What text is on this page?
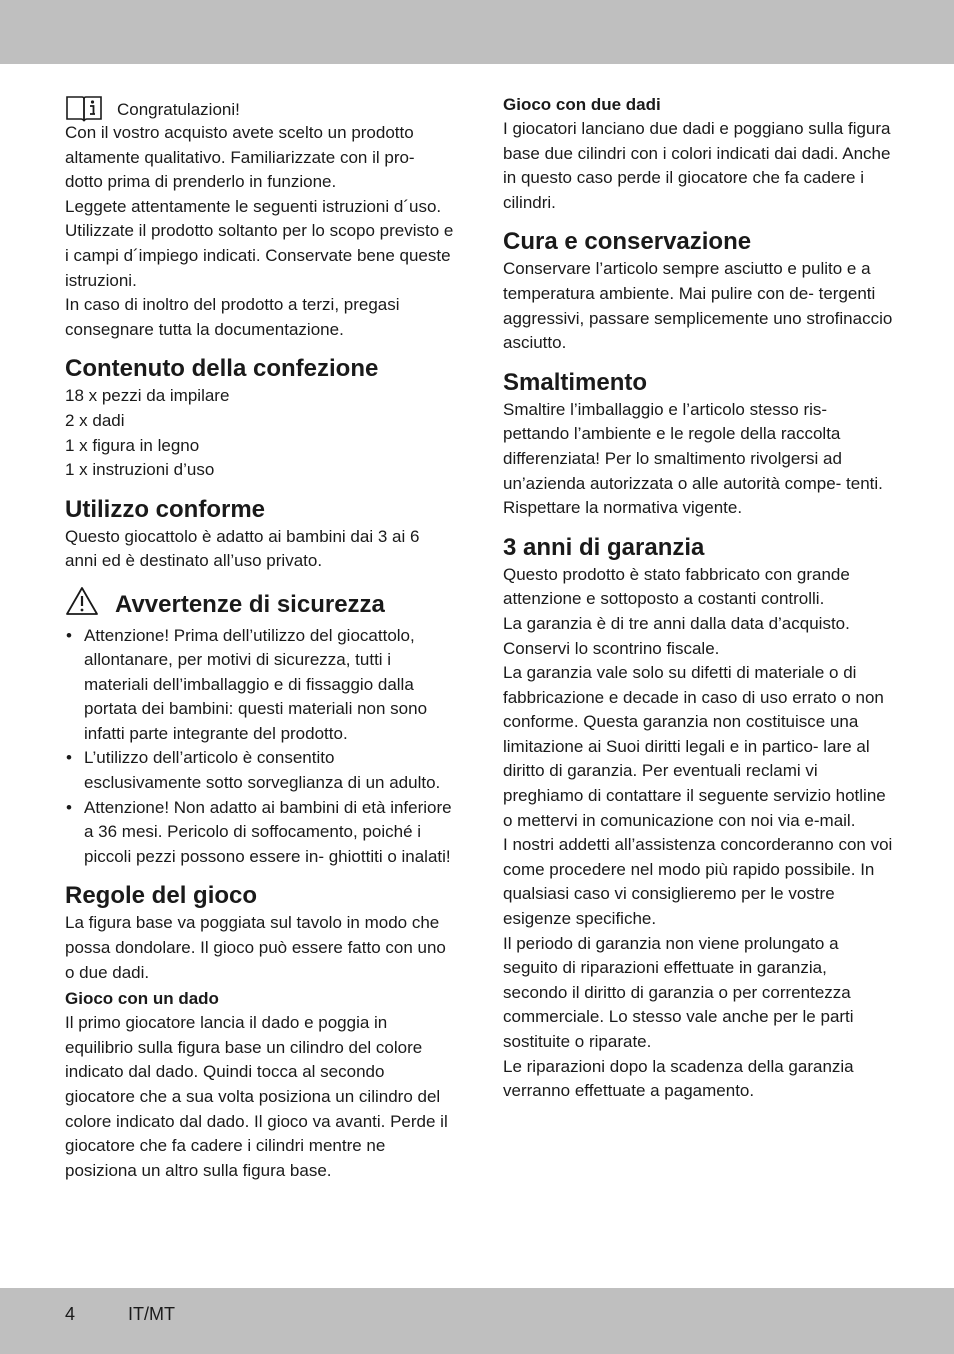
Congratulazioni!

Con il vostro acquisto avete scelto un prodotto altamente qualitativo. Familiarizzate con il pro- dotto prima di prenderlo in funzione.

Leggete attentamente le seguenti istruzioni d´uso. Utilizzate il prodotto soltanto per lo scopo previsto e i campi d´impiego indicati. Conservate bene queste istruzioni.

In caso di inoltro del prodotto a terzi, pregasi consegnare tutta la documentazione.

Contenuto della confezione
18 x pezzi da impilare
2 x dadi
1 x figura in legno
1 x instruzioni d’uso
Utilizzo conforme

Questo giocattolo è adatto ai bambini dai 3 ai 6 anni ed è destinato all’uso privato.

Avvertenze di sicurezza
• Attenzione! Prima dell’utilizzo del giocattolo, allontanare, per motivi di sicurezza, tutti i materiali dell’imballaggio e di fissaggio dalla portata dei bambini: questi materiali non sono infatti parte integrante del prodotto.
• L’utilizzo dell’articolo è consentito esclusivamente sotto sorveglianza di un adulto.
• Attenzione! Non adatto ai bambini di età inferiore a 36 mesi. Pericolo di soffocamento, poiché i piccoli pezzi possono essere in- ghiottiti o inalati!
Regole del gioco

La figura base va poggiata sul tavolo in modo che possa dondolare. Il gioco può essere fatto con uno o due dadi.

Gioco con un dado

Il primo giocatore lancia il dado e poggia in equilibrio sulla figura base un cilindro del colore indicato dal dado. Quindi tocca al secondo giocatore che a sua volta posiziona un cilindro del colore indicato dal dado. Il gioco va avanti. Perde il giocatore che fa cadere i cilindri mentre ne posiziona un altro sulla figura base.

Gioco con due dadi

I giocatori lanciano due dadi e poggiano sulla figura base due cilindri con i colori indicati dai dadi. Anche in questo caso perde il giocatore che fa cadere i cilindri.

Cura e conservazione

Conservare l’articolo sempre asciutto e pulito e a temperatura ambiente. Mai pulire con de- tergenti aggressivi, passare semplicemente uno strofinaccio asciutto.

Smaltimento

Smaltire l’imballaggio e l’articolo stesso ris- pettando l’ambiente e le regole della raccolta differenziata! Per lo smaltimento rivolgersi ad un’azienda autorizzata o alle autorità compe- tenti. Rispettare la normativa vigente.

3 anni di garanzia

Questo prodotto è stato fabbricato con grande attenzione e sottoposto a costanti controlli.

La garanzia è di tre anni dalla data d’acquisto. Conservi lo scontrino fiscale.

La garanzia vale solo su difetti di materiale o di fabbricazione e decade in caso di uso errato o non conforme. Questa garanzia non costituisce una limitazione ai Suoi diritti legali e in partico- lare al diritto di garanzia. Per eventuali reclami vi preghiamo di contattare il seguente servizio hotline o mettervi in comunicazione con noi via e-mail.

I nostri addetti all’assistenza concorderanno con voi come procedere nel modo più rapido possibile. In qualsiasi caso vi consiglieremo per le vostre esigenze specifiche.

Il periodo di garanzia non viene prolungato a seguito di riparazioni effettuate in garanzia, secondo il diritto di garanzia o per correntezza commerciale. Lo stesso vale anche per le parti sostituite o riparate.

Le riparazioni dopo la scadenza della garanzia verranno effettuate a pagamento.

4	IT/MT
